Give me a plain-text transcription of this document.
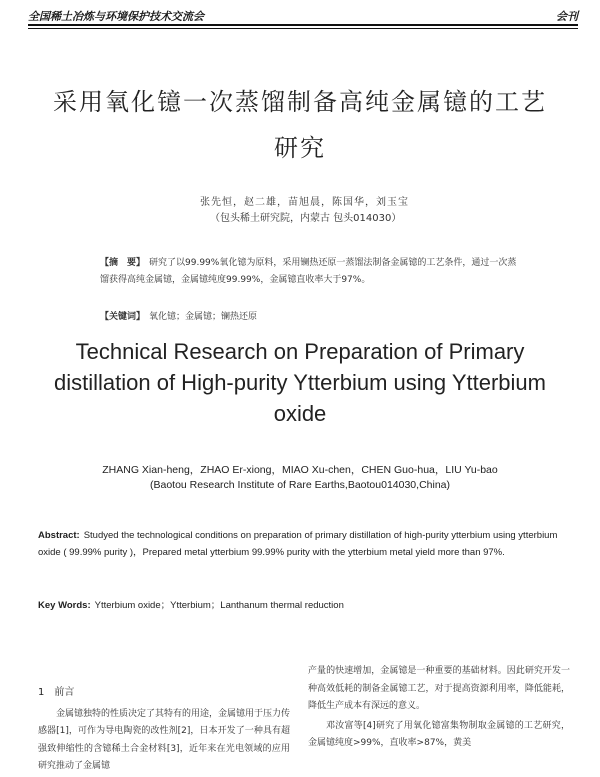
全国稀土冶炼与环境保护技术交流会	会刊
采用氧化镱一次蒸馏制备高纯金属镱的工艺
研究
张先恒，赵二雄，苗旭晨，陈国华，刘玉宝
（包头稀土研究院，内蒙古 包头014030）
【摘　要】 研究了以99.99%氧化镱为原料，采用镧热还原一蒸馏法制备金属镱的工艺条件，通过一次蒸馏获得高纯金属镱，金属镱纯度99.99%，金属镱直收率大于97%。
【关键词】 氧化镱；金属镱；镧热还原
Technical Research on Preparation of Primary
distillation of High-purity Ytterbium using Ytterbium
oxide
ZHANG Xian-heng，ZHAO Er-xiong，MIAO Xu-chen，CHEN Guo-hua，LIU Yu-bao
(Baotou Research Institute of Rare Earths,Baotou014030,China)
Abstract: Studyed the technological conditions on preparation of primary distillation of high-purity ytterbium using ytterbium oxide ( 99.99% purity )，Prepared metal ytterbium 99.99% purity with the ytterbium metal yield more than 97%.
Key Words: Ytterbium oxide；Ytterbium；Lanthanum thermal reduction
1　前言

金属镱独特的性质决定了其特有的用途，金属镱用于压力传感器[1]，可作为导电陶瓷的改性剂[2]，日本开发了一种具有超强致伸缩性的含镱稀土合金材料[3]，近年来在光电领域的应用研究推动了金属镱

产量的快速增加，金属镱是一种重要的基础材料。因此研究开发一种高效低耗的制备金属镱工艺，对于提高资源利用率，降低能耗，降低生产成本有深远的意义。

邓汝富等[4]研究了用氧化镱富集物制取金属镱的工艺研究，金属镱纯度>99%，直收率>87%，黄美
